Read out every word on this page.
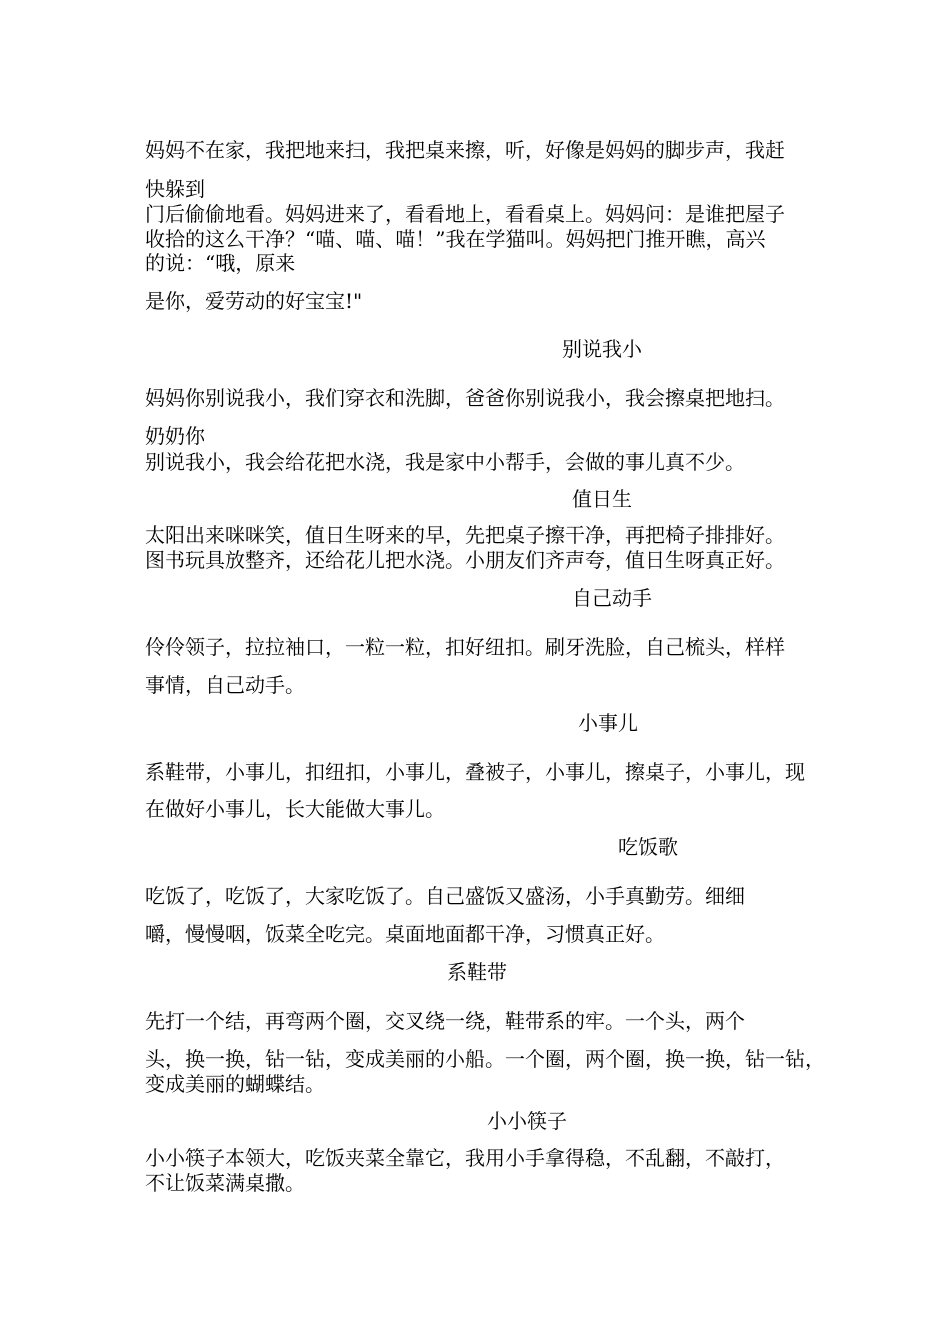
妈妈不在家，我把地来扫，我把桌来擦，听，好像是妈妈的脚步声，我赶
快躲到
门后偷偷地看。妈妈进来了，看看地上，看看桌上。妈妈问：是谁把屋子
收拾的这么干净？“喵、喵、喵！”我在学猫叫。妈妈把门推开瞧，高兴
的说：“哦，原来
是你，爱劳动的好宝宝!"
别说我小
妈妈你别说我小，我们穿衣和洗脚，爸爸你别说我小，我会擦桌把地扫。
奶奶你
别说我小，我会给花把水浇，我是家中小帮手，会做的事儿真不少。
值日生
太阳出来咪咪笑，值日生呀来的早，先把桌子擦干净，再把椅子排排好。
图书玩具放整齐，还给花儿把水浇。小朋友们齐声夸，值日生呀真正好。
自己动手
伶伶领子，拉拉袖口，一粒一粒，扣好纽扣。刷牙洗脸，自己梳头，样样
事情，自己动手。
小事儿
系鞋带，小事儿，扣纽扣，小事儿，叠被子，小事儿，擦桌子，小事儿，现
在做好小事儿，长大能做大事儿。
吃饭歌
吃饭了，吃饭了，大家吃饭了。自己盛饭又盛汤，小手真勤劳。细细
嚼，慢慢咽，饭菜全吃完。桌面地面都干净，习惯真正好。
系鞋带
先打一个结，再弯两个圈，交叉绕一绕，鞋带系的牢。一个头，两个
头，换一换，钻一钻，变成美丽的小船。一个圈，两个圈，换一换，钻一钻，
变成美丽的蝴蝶结。
小小筷子
小小筷子本领大，吃饭夹菜全靠它，我用小手拿得稳，不乱翻，不敲打，
不让饭菜满桌撒。
